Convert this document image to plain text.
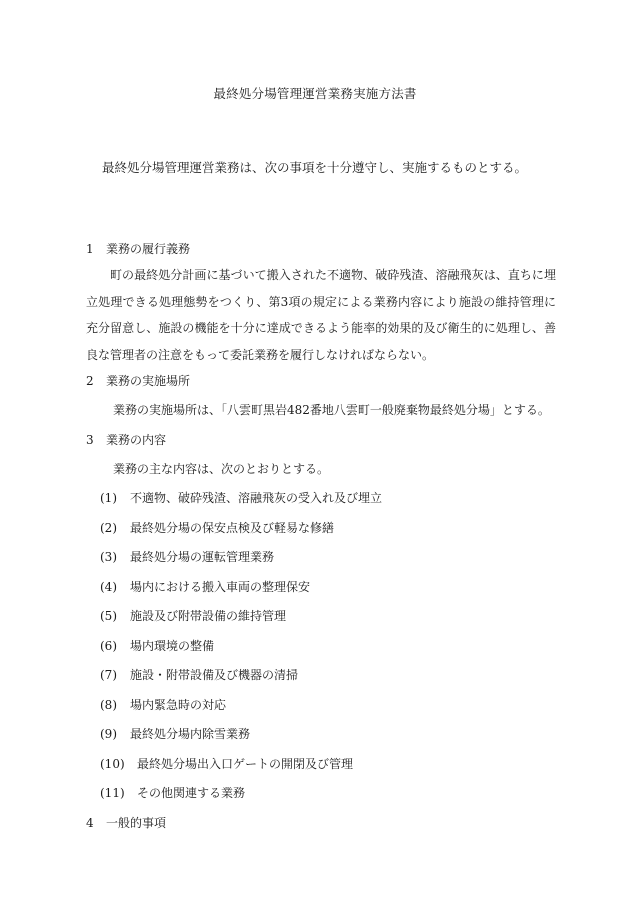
最終処分場管理運営業務実施方法書
最終処分場管理運営業務は、次の事項を十分遵守し、実施するものとする。
1 業務の履行義務
町の最終処分計画に基づいて搬入された不適物、破砕残渣、溶融飛灰は、直ちに埋立処理できる処理態勢をつくり、第3項の規定による業務内容により施設の維持管理に充分留意し、施設の機能を十分に達成できるよう能率的効果的及び衛生的に処理し、善良な管理者の注意をもって委託業務を履行しなければならない。
2 業務の実施場所
業務の実施場所は、「八雲町黒岩482番地八雲町一般廃棄物最終処分場」とする。
3 業務の内容
業務の主な内容は、次のとおりとする。
(1) 不適物、破砕残渣、溶融飛灰の受入れ及び埋立
(2) 最終処分場の保安点検及び軽易な修繕
(3) 最終処分場の運転管理業務
(4) 場内における搬入車両の整理保安
(5) 施設及び附帯設備の維持管理
(6) 場内環境の整備
(7) 施設・附帯設備及び機器の清掃
(8) 場内緊急時の対応
(9) 最終処分場内除雪業務
(10) 最終処分場出入口ゲートの開閉及び管理
(11) その他関連する業務
4 一般的事項
